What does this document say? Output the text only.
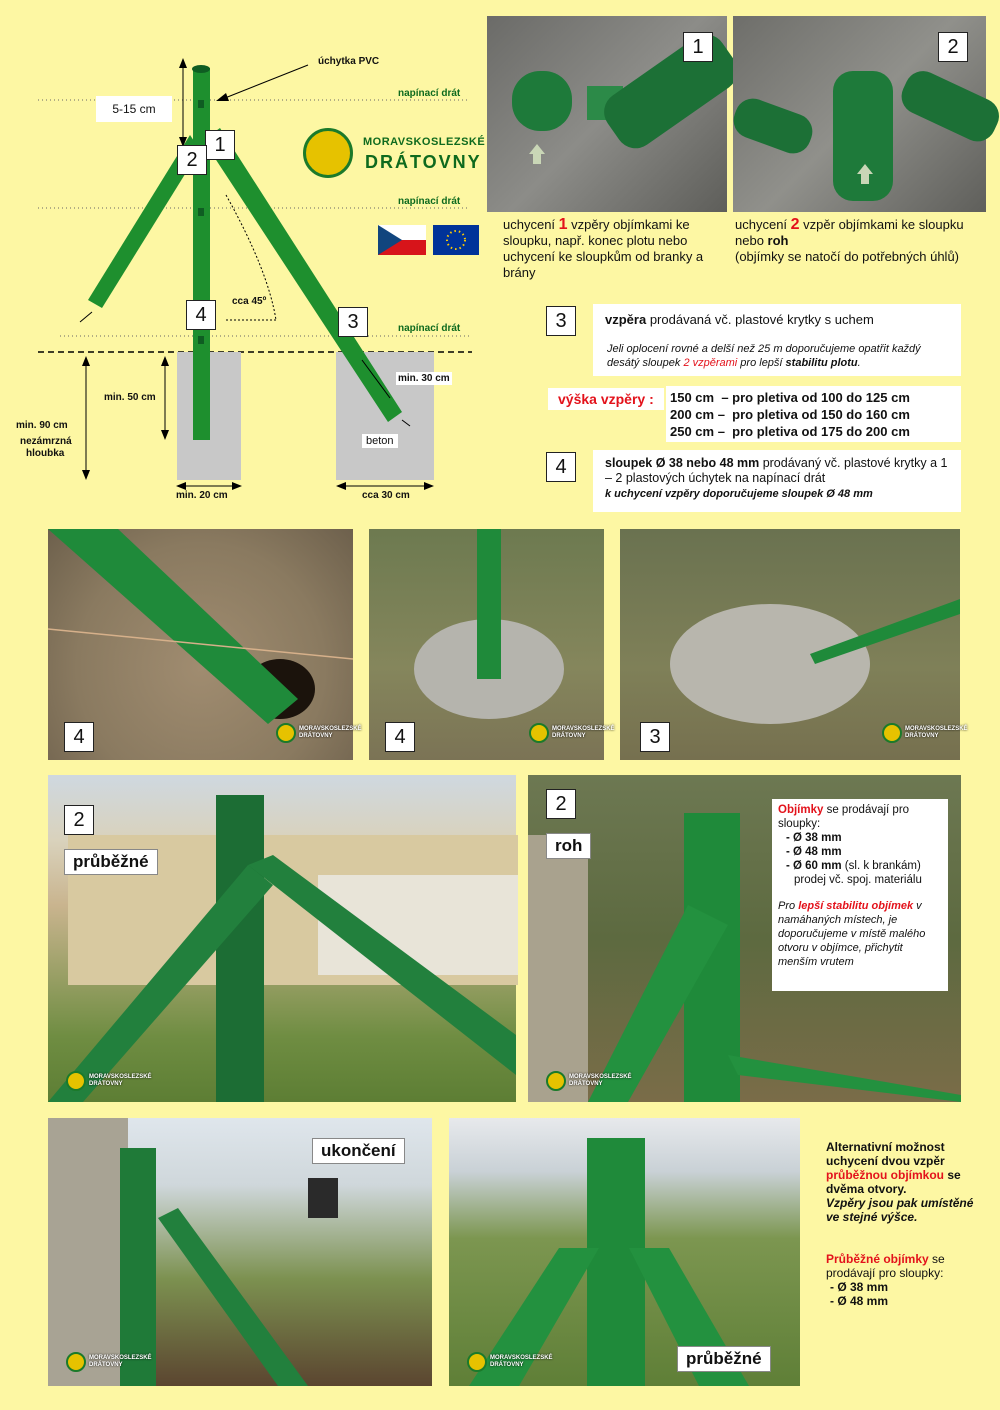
úchytka PVC
napínací drát
napínací drát
napínací drát
5-15 cm
cca 45º
min. 50 cm
min. 90 cm
nezámrzná
hloubka
min. 20 cm
min. 30 cm
cca 30 cm
beton
1
2
4	3
MORAVSKOSLEZSKÉ
DRÁTOVNY
1
uchycení 1 vzpěry objímkami ke sloupku, např. konec plotu nebo uchycení ke sloupkům od branky a brány
2
uchycení 2 vzpěr objímkami ke sloupku nebo roh
(objímky se natočí do potřebných úhlů)
3	vzpěra prodávaná vč. plastové krytky s uchem
Jeli oplocení rovné a delší než 25 m doporučujeme opatřit každý desátý sloupek 2 vzpěrami pro lepší stabilitu plotu.
výška vzpěry :	150 cm  – pro pletiva od 100 do 125 cm
200 cm –  pro pletiva od 150 do 160 cm
250 cm –  pro pletiva od 175 do 200 cm
4	sloupek Ø 38 nebo 48 mm prodávaný vč. plastové krytky a 1 – 2 plastových úchytek na napínací drát
k uchycení vzpěry doporučujeme sloupek Ø 48 mm
4	MORAVSKOSLEZSKÉ
DRÁTOVNY	4	MORAVSKOSLEZSKÉ
DRÁTOVNY	3	MORAVSKOSLEZSKÉ
DRÁTOVNY
2
průběžné
MORAVSKOSLEZSKÉ
DRÁTOVNY
2
roh
MORAVSKOSLEZSKÉ
DRÁTOVNY
Objímky se prodávají pro sloupky:
- Ø 38 mm
- Ø 48 mm
- Ø 60 mm (sl. k brankám)
prodej vč. spoj. materiálu
Pro lepší stabilitu objímek v namáhaných místech, je doporučujeme v místě malého otvoru v objímce, přichytit menším vrutem
ukončení
MORAVSKOSLEZSKÉ
DRÁTOVNY	průběžné
MORAVSKOSLEZSKÉ
DRÁTOVNY
Alternativní možnost uchycení dvou vzpěr průběžnou objímkou se dvěma otvory.
Vzpěry jsou pak umístěné ve stejné výšce.
Průběžné objímky se prodávají pro sloupky:
- Ø 38 mm
- Ø 48 mm
